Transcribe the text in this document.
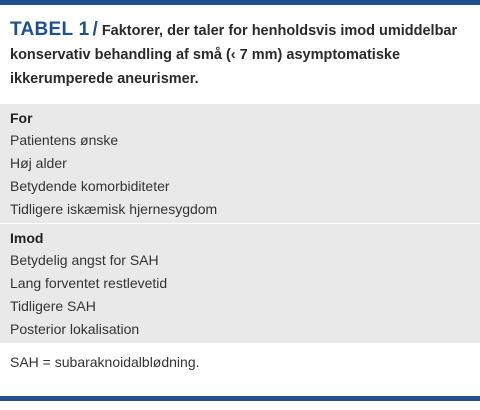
TABEL 1 / Faktorer, der taler for henholdsvis imod umiddelbar konservativ behandling af små (‹ 7 mm) asymptomatiske ikkerumperede aneurismer.
For
Patientens ønske
Høj alder
Betydende komorbiditeter
Tidligere iskæmisk hjernesygdom
Imod
Betydelig angst for SAH
Lang forventet restlevetid
Tidligere SAH
Posterior lokalisation
SAH = subaraknoidalblødning.
